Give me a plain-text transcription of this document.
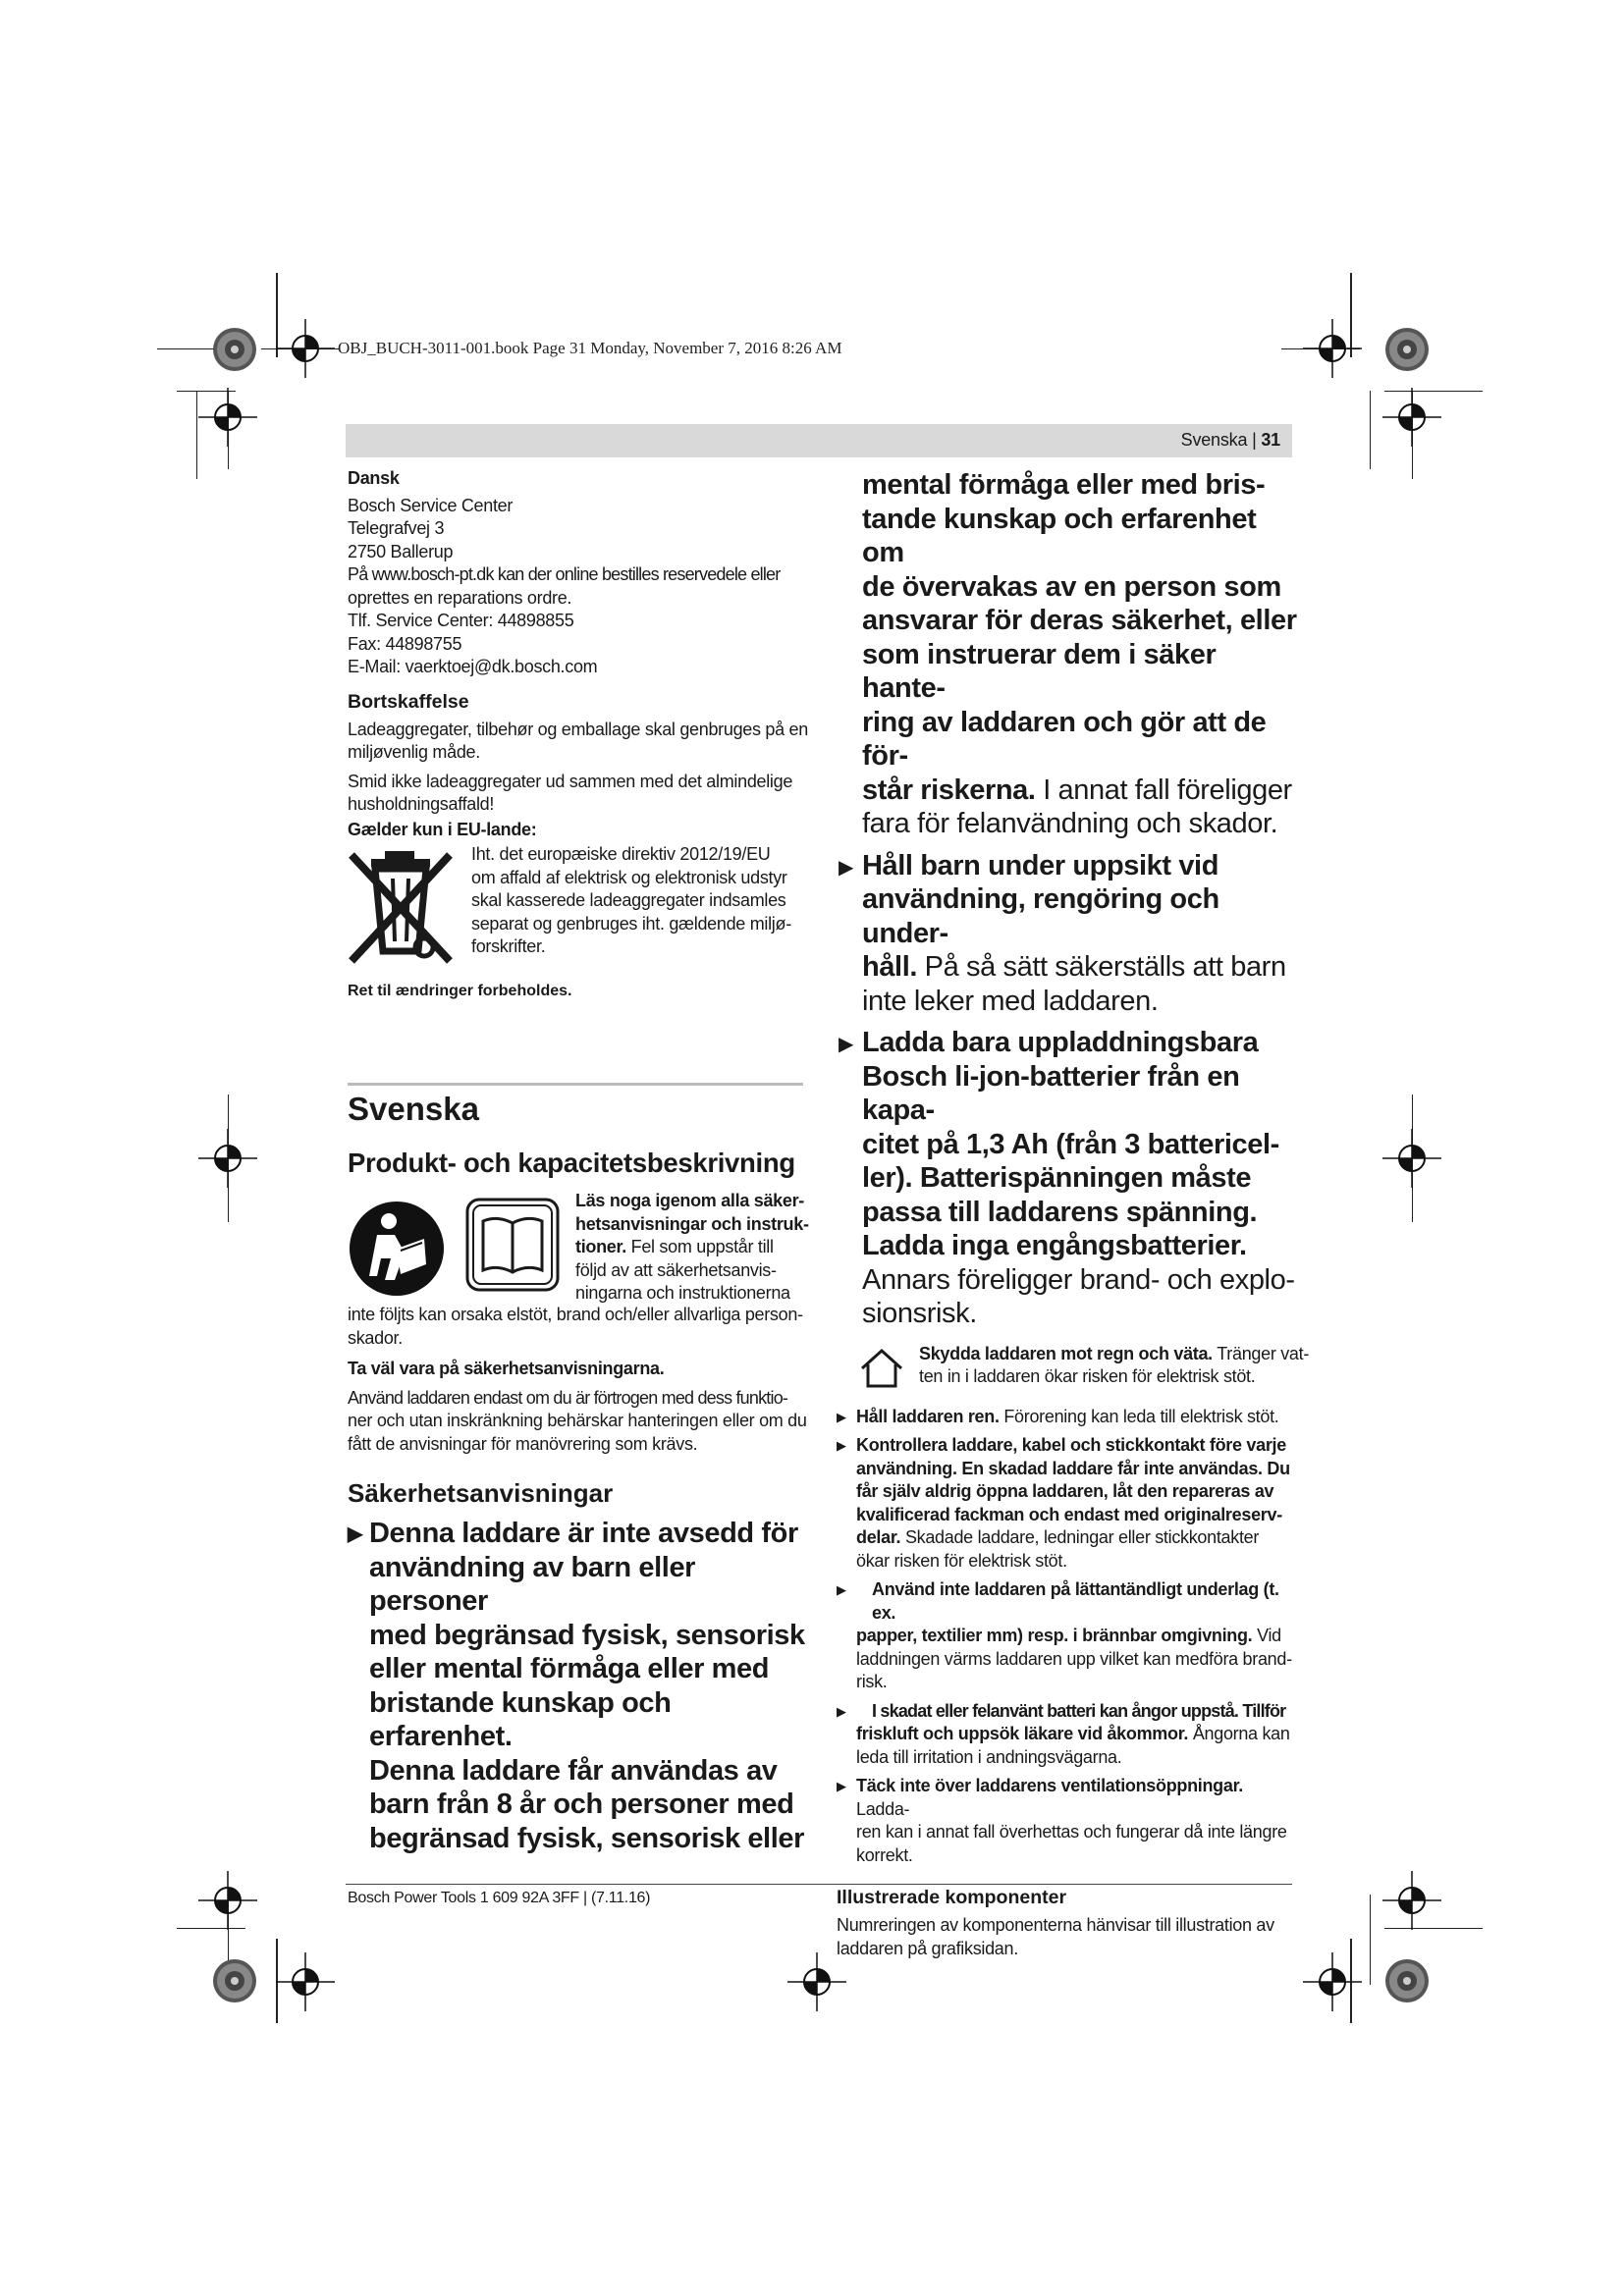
OBJ_BUCH-3011-001.book Page 31 Monday, November 7, 2016 8:26 AM
Svenska | 31
Dansk
Bosch Service Center
Telegrafvej 3
2750 Ballerup
På www.bosch-pt.dk kan der online bestilles reservedele eller
oprettes en reparations ordre.
Tlf. Service Center: 44898855
Fax: 44898755
E-Mail: vaerktoej@dk.bosch.com
Bortskaffelse
Ladeaggregater, tilbehør og emballage skal genbruges på en
miljøvenlig måde.
Smid ikke ladeaggregater ud sammen med det almindelige
husholdningsaffald!
Gælder kun i EU-lande:
Iht. det europæiske direktiv 2012/19/EU
om affald af elektrisk og elektronisk udstyr
skal kasserede ladeaggregater indsamles
separat og genbruges iht. gældende miljø-
forskrifter.
Ret til ændringer forbeholdes.
Svenska
Produkt- och kapacitetsbeskrivning
Läs noga igenom alla säker-
hetsanvisningar och instruk-
tioner. Fel som uppstår till
följd av att säkerhetsanvis-
ningarna och instruktionerna
inte följts kan orsaka elstöt, brand och/eller allvarliga person-
skador.
Ta väl vara på säkerhetsanvisningarna.
Använd laddaren endast om du är förtrogen med dess funktio-
ner och utan inskränkning behärskar hanteringen eller om du
fått de anvisningar för manövrering som krävs.
Säkerhetsanvisningar
▶ Denna laddare är inte avsedd för
användning av barn eller personer
med begränsad fysisk, sensorisk
eller mental förmåga eller med
bristande kunskap och erfarenhet.
Denna laddare får användas av
barn från 8 år och personer med
begränsad fysisk, sensorisk eller
mental förmåga eller med bris-
tande kunskap och erfarenhet om
de övervakas av en person som
ansvarar för deras säkerhet, eller
som instruerar dem i säker hante-
ring av laddaren och gör att de för-
står riskerna. I annat fall föreligger
fara för felanvändning och skador.
▶ Håll barn under uppsikt vid
användning, rengöring och under-
håll. På så sätt säkerställs att barn
inte leker med laddaren.
▶ Ladda bara uppladdningsbara
Bosch li-jon-batterier från en kapa-
citet på 1,3 Ah (från 3 battericel-
ler). Batterispänningen måste
passa till laddarens spänning.
Ladda inga engångsbatterier.
Annars föreligger brand- och explo-
sionsrisk.
Skydda laddaren mot regn och väta. Tränger vat-
ten in i laddaren ökar risken för elektrisk stöt.
▶ Håll laddaren ren. Förorening kan leda till elektrisk stöt.
▶ Kontrollera laddare, kabel och stickkontakt före varje
användning. En skadad laddare får inte användas. Du
får själv aldrig öppna laddaren, låt den repareras av
kvalificerad fackman och endast med originalreserv-
delar. Skadade laddare, ledningar eller stickkontakter
ökar risken för elektrisk stöt.
▶	Använd inte laddaren på lättantändligt underlag (t. ex.
papper, textilier mm) resp. i brännbar omgivning. Vid
laddningen värms laddaren upp vilket kan medföra brand-
risk.
▶	I skadat eller felanvänt batteri kan ångor uppstå. Tillför
friskluft och uppsök läkare vid åkommor. Ångorna kan
leda till irritation i andningsvägarna.
▶ Täck inte över laddarens ventilationsöppningar. Ladda-
ren kan i annat fall överhettas och fungerar då inte längre
korrekt.
Illustrerade komponenter
Numreringen av komponenterna hänvisar till illustration av
laddaren på grafiksidan.
Bosch Power Tools 1 609 92A 3FF | (7.11.16)
